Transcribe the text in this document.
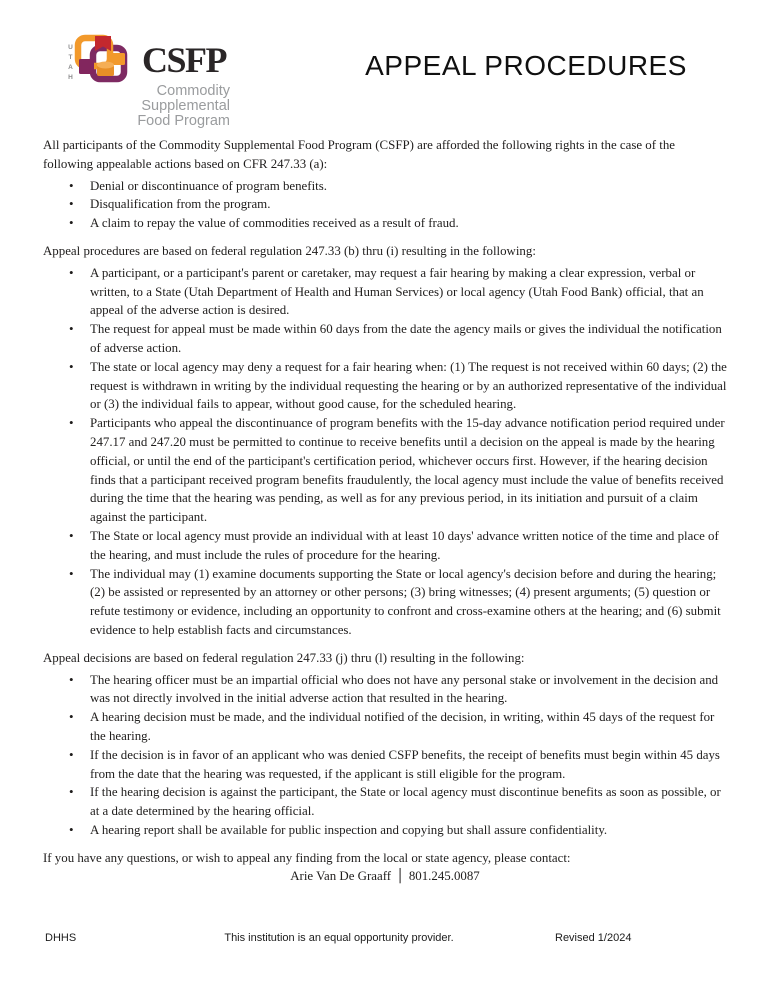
UTAH CSFP
Commodity Supplemental
Food Program
APPEAL PROCEDURES

All participants of the Commodity Supplemental Food Program (CSFP) are afforded the following rights in the case of the following appealable actions based on CFR 247.33 (a):

• Denial or discontinuance of program benefits.
• Disqualification from the program.
• A claim to repay the value of commodities received as a result of fraud.

Appeal procedures are based on federal regulation 247.33 (b) thru (i) resulting in the following:

• A participant, or a participant's parent or caretaker, may request a fair hearing by making a clear expression, verbal or written, to a State (Utah Department of Health and Human Services) or local agency (Utah Food Bank) official, that an appeal of the adverse action is desired.
• The request for appeal must be made within 60 days from the date the agency mails or gives the individual the notification of adverse action.
• The state or local agency may deny a request for a fair hearing when: (1) The request is not received within 60 days; (2) the request is withdrawn in writing by the individual requesting the hearing or by an authorized representative of the individual or (3) the individual fails to appear, without good cause, for the scheduled hearing.
• Participants who appeal the discontinuance of program benefits with the 15-day advance notification period required under 247.17 and 247.20 must be permitted to continue to receive benefits until a decision on the appeal is made by the hearing official, or until the end of the participant's certification period, whichever occurs first. However, if the hearing decision finds that a participant received program benefits fraudulently, the local agency must include the value of benefits received during the time that the hearing was pending, as well as for any previous period, in its initiation and pursuit of a claim against the participant.
• The State or local agency must provide an individual with at least 10 days' advance written notice of the time and place of the hearing, and must include the rules of procedure for the hearing.
• The individual may (1) examine documents supporting the State or local agency's decision before and during the hearing; (2) be assisted or represented by an attorney or other persons; (3) bring witnesses; (4) present arguments; (5) question or refute testimony or evidence, including an opportunity to confront and cross-examine others at the hearing; and (6) submit evidence to help establish facts and circumstances.

Appeal decisions are based on federal regulation 247.33 (j) thru (l) resulting in the following:

• The hearing officer must be an impartial official who does not have any personal stake or involvement in the decision and was not directly involved in the initial adverse action that resulted in the hearing.
• A hearing decision must be made, and the individual notified of the decision, in writing, within 45 days of the request for the hearing.
• If the decision is in favor of an applicant who was denied CSFP benefits, the receipt of benefits must begin within 45 days from the date that the hearing was requested, if the applicant is still eligible for the program.
• If the hearing decision is against the participant, the State or local agency must discontinue benefits as soon as possible, or at a date determined by the hearing official.
• A hearing report shall be available for public inspection and copying but shall assure confidentiality.

If you have any questions, or wish to appeal any finding from the local or state agency, please contact:

Arie Van De Graaff │ 801.245.0087
DHHS	This institution is an equal opportunity provider.	Revised 1/2024
